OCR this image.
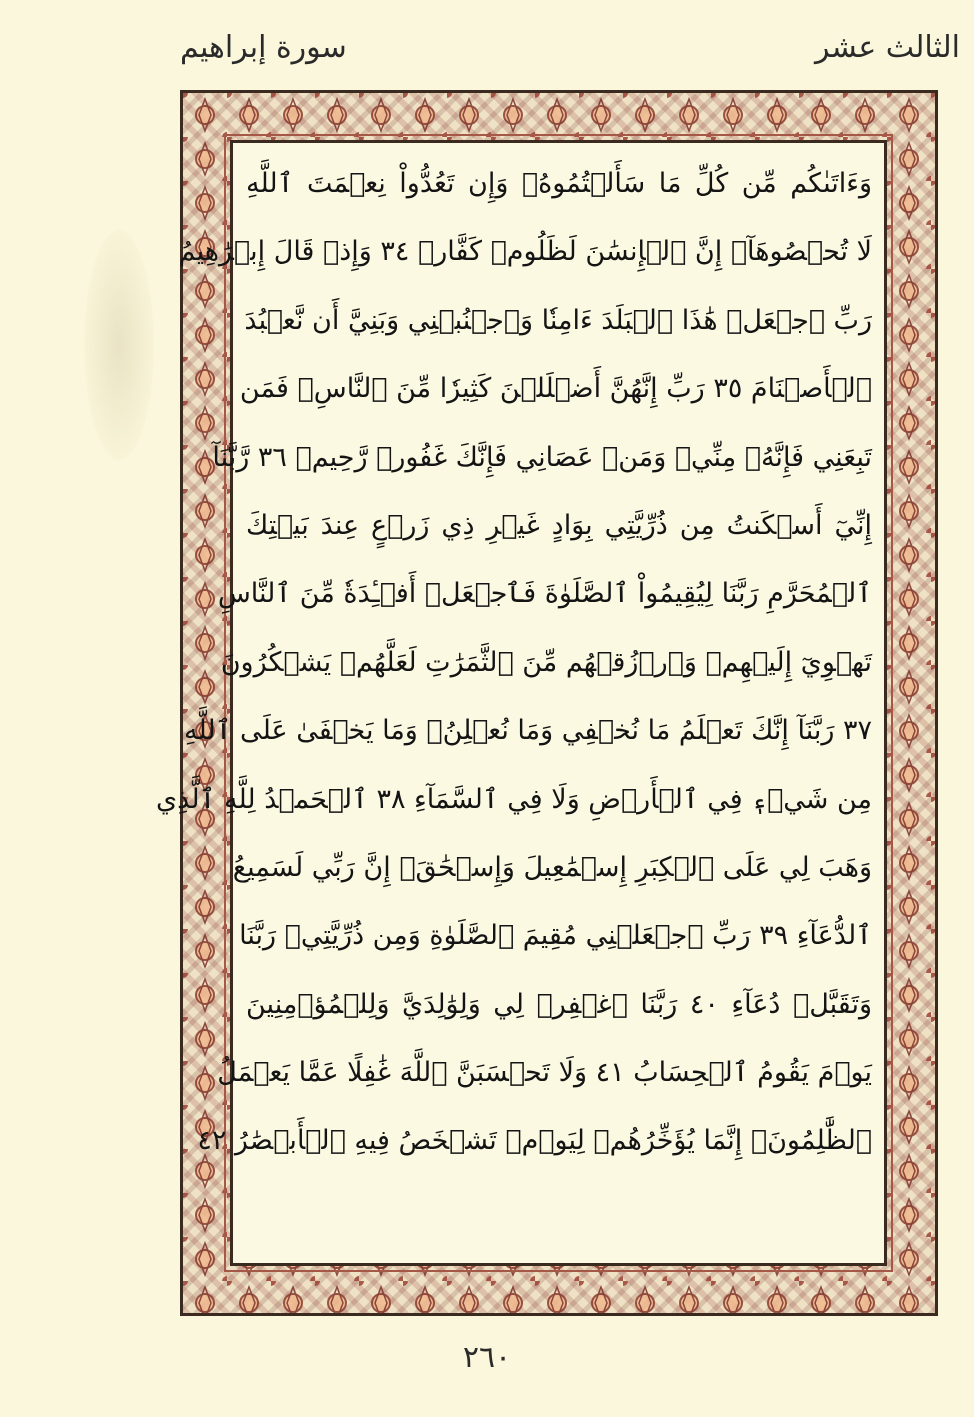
الثالث عشر
سورة إبراهيم
وَءَاتَىٰكُم مِّن كُلِّ مَا سَأَلۡتُمُوهُۚ وَإِن تَعُدُّواْ نِعۡمَتَ ٱللَّهِ
لَا تُحۡصُوهَآۗ إِنَّ ٱلۡإِنسَٰنَ لَظَلُومٞ كَفَّارٞ ٣٤ وَإِذۡ قَالَ إِبۡرَٰهِيمُ
رَبِّ ٱجۡعَلۡ هَٰذَا ٱلۡبَلَدَ ءَامِنٗا وَٱجۡنُبۡنِي وَبَنِيَّ أَن نَّعۡبُدَ
ٱلۡأَصۡنَامَ ٣٥ رَبِّ إِنَّهُنَّ أَضۡلَلۡنَ كَثِيرٗا مِّنَ ٱلنَّاسِۖ فَمَن
تَبِعَنِي فَإِنَّهُۥ مِنِّيۖ وَمَنۡ عَصَانِي فَإِنَّكَ غَفُورٞ رَّحِيمٞ ٣٦ رَّبَّنَآ
إِنِّيٓ أَسۡكَنتُ مِن ذُرِّيَّتِي بِوَادٍ غَيۡرِ ذِي زَرۡعٍ عِندَ بَيۡتِكَ
ٱلۡمُحَرَّمِ رَبَّنَا لِيُقِيمُواْ ٱلصَّلَوٰةَ فَٱجۡعَلۡ أَفۡـِٔدَةٗ مِّنَ ٱلنَّاسِ
تَهۡوِيٓ إِلَيۡهِمۡ وَٱرۡزُقۡهُم مِّنَ ٱلثَّمَرَٰتِ لَعَلَّهُمۡ يَشۡكُرُونَ
٣٧ رَبَّنَآ إِنَّكَ تَعۡلَمُ مَا نُخۡفِي وَمَا نُعۡلِنُۗ وَمَا يَخۡفَىٰ عَلَى ٱللَّهِ
مِن شَيۡءٖ فِي ٱلۡأَرۡضِ وَلَا فِي ٱلسَّمَآءِ ٣٨ ٱلۡحَمۡدُ لِلَّهِ ٱلَّذِي
وَهَبَ لِي عَلَى ٱلۡكِبَرِ إِسۡمَٰعِيلَ وَإِسۡحَٰقَۚ إِنَّ رَبِّي لَسَمِيعُ
ٱلدُّعَآءِ ٣٩ رَبِّ ٱجۡعَلۡنِي مُقِيمَ ٱلصَّلَوٰةِ وَمِن ذُرِّيَّتِيۚ رَبَّنَا
وَتَقَبَّلۡ دُعَآءِ ٤٠ رَبَّنَا ٱغۡفِرۡ لِي وَلِوَٰلِدَيَّ وَلِلۡمُؤۡمِنِينَ
يَوۡمَ يَقُومُ ٱلۡحِسَابُ ٤١ وَلَا تَحۡسَبَنَّ ٱللَّهَ غَٰفِلًا عَمَّا يَعۡمَلُ
ٱلظَّٰلِمُونَۚ إِنَّمَا يُؤَخِّرُهُمۡ لِيَوۡمٖ تَشۡخَصُ فِيهِ ٱلۡأَبۡصَٰرُ ٤٢
٢٦٠
